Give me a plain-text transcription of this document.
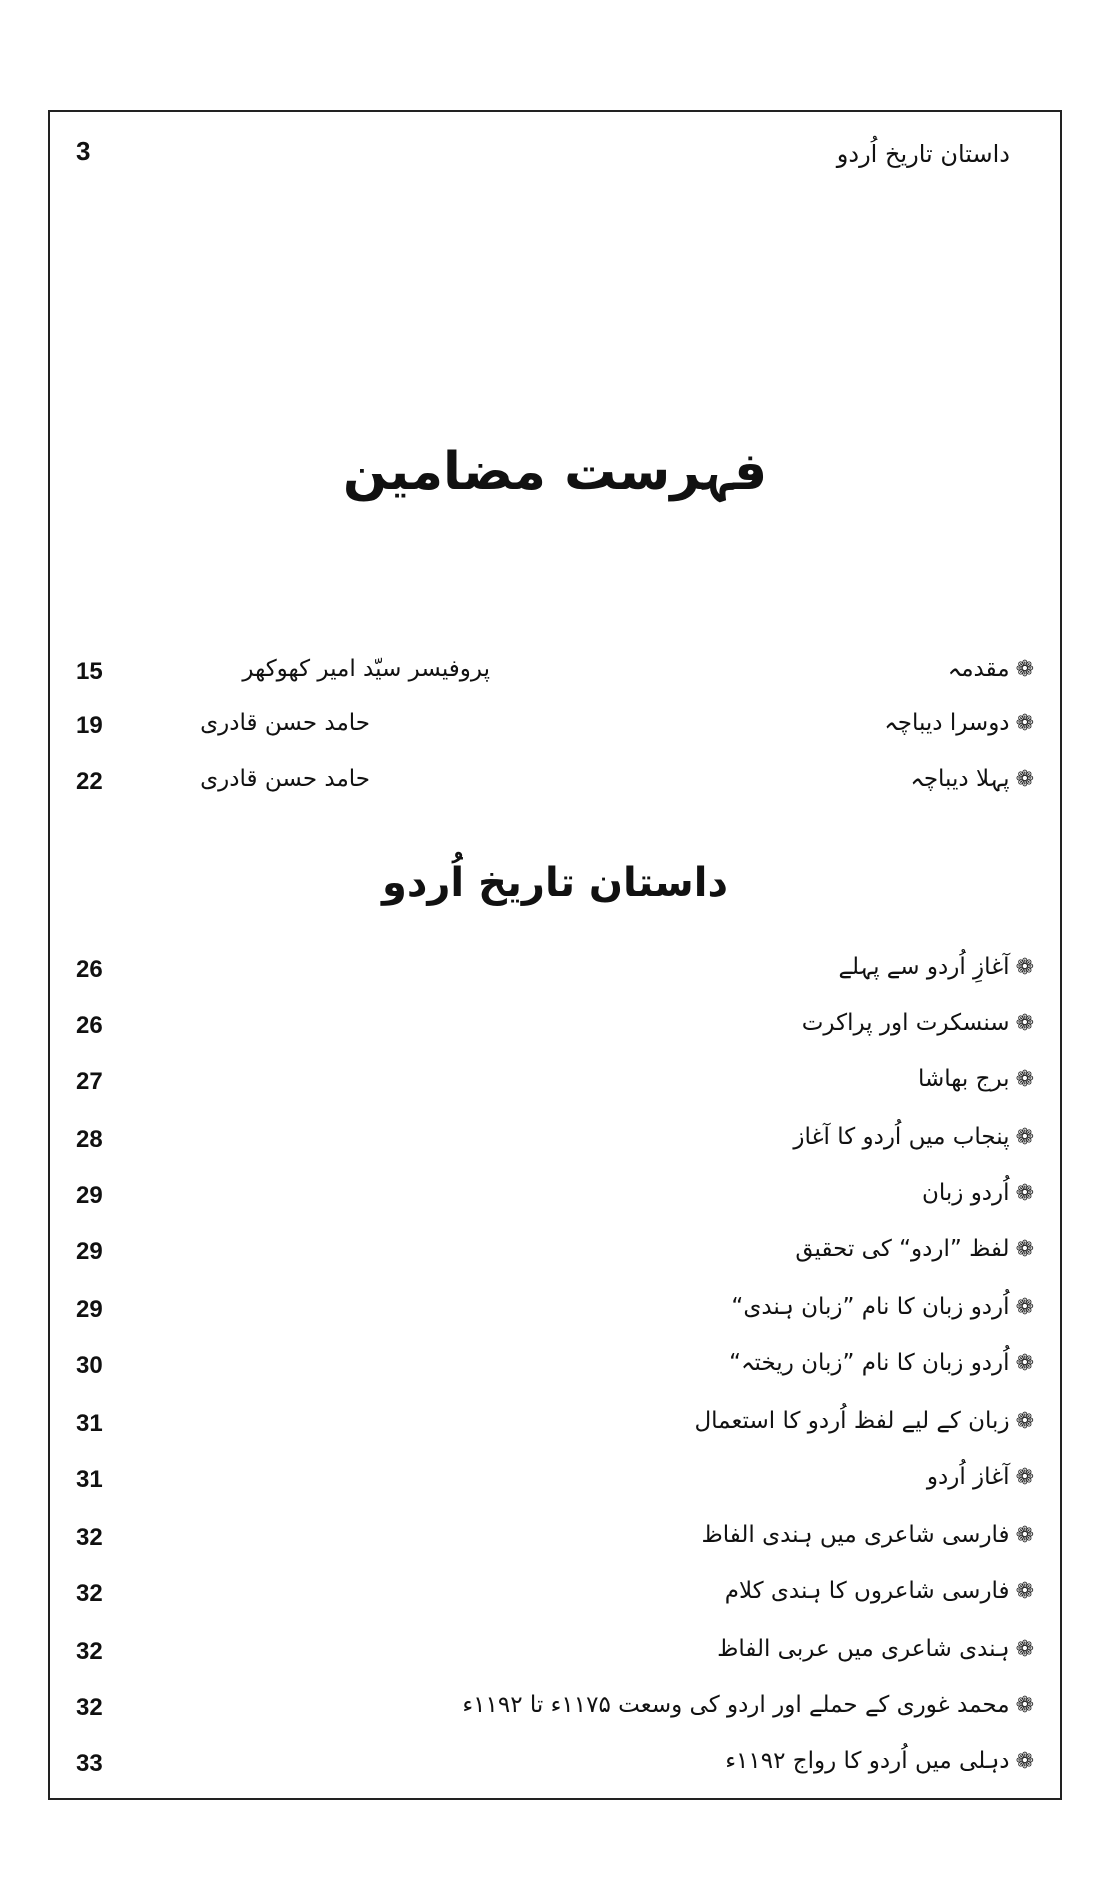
داستان تاریخ اُردو
3
فہرست مضامین
❁
مقدمہ
پروفیسر سیّد امیر کھوکھر
15
❁
دوسرا دیباچہ
حامد حسن قادری
19
❁
پہلا دیباچہ
حامد حسن قادری
22
داستان تاریخ اُردو
❁
آغازِ اُردو سے پہلے
26
❁
سنسکرت اور پراکرت
26
❁
برج بھاشا
27
❁
پنجاب میں اُردو کا آغاز
28
❁
اُردو زبان
29
❁
لفظ ”اردو“ کی تحقیق
29
❁
اُردو زبان کا نام ”زبان ہندی“
29
❁
اُردو زبان کا نام ”زبان ریختہ“
30
❁
زبان کے لیے لفظ اُردو کا استعمال
31
❁
آغاز اُردو
31
❁
فارسی شاعری میں ہندی الفاظ
32
❁
فارسی شاعروں کا ہندی کلام
32
❁
ہندی شاعری میں عربی الفاظ
32
❁
محمد غوری کے حملے اور اردو کی وسعت ۱۱۷۵ء تا ۱۱۹۲ء
32
❁
دہلی میں اُردو کا رواج ۱۱۹۲ء
33
